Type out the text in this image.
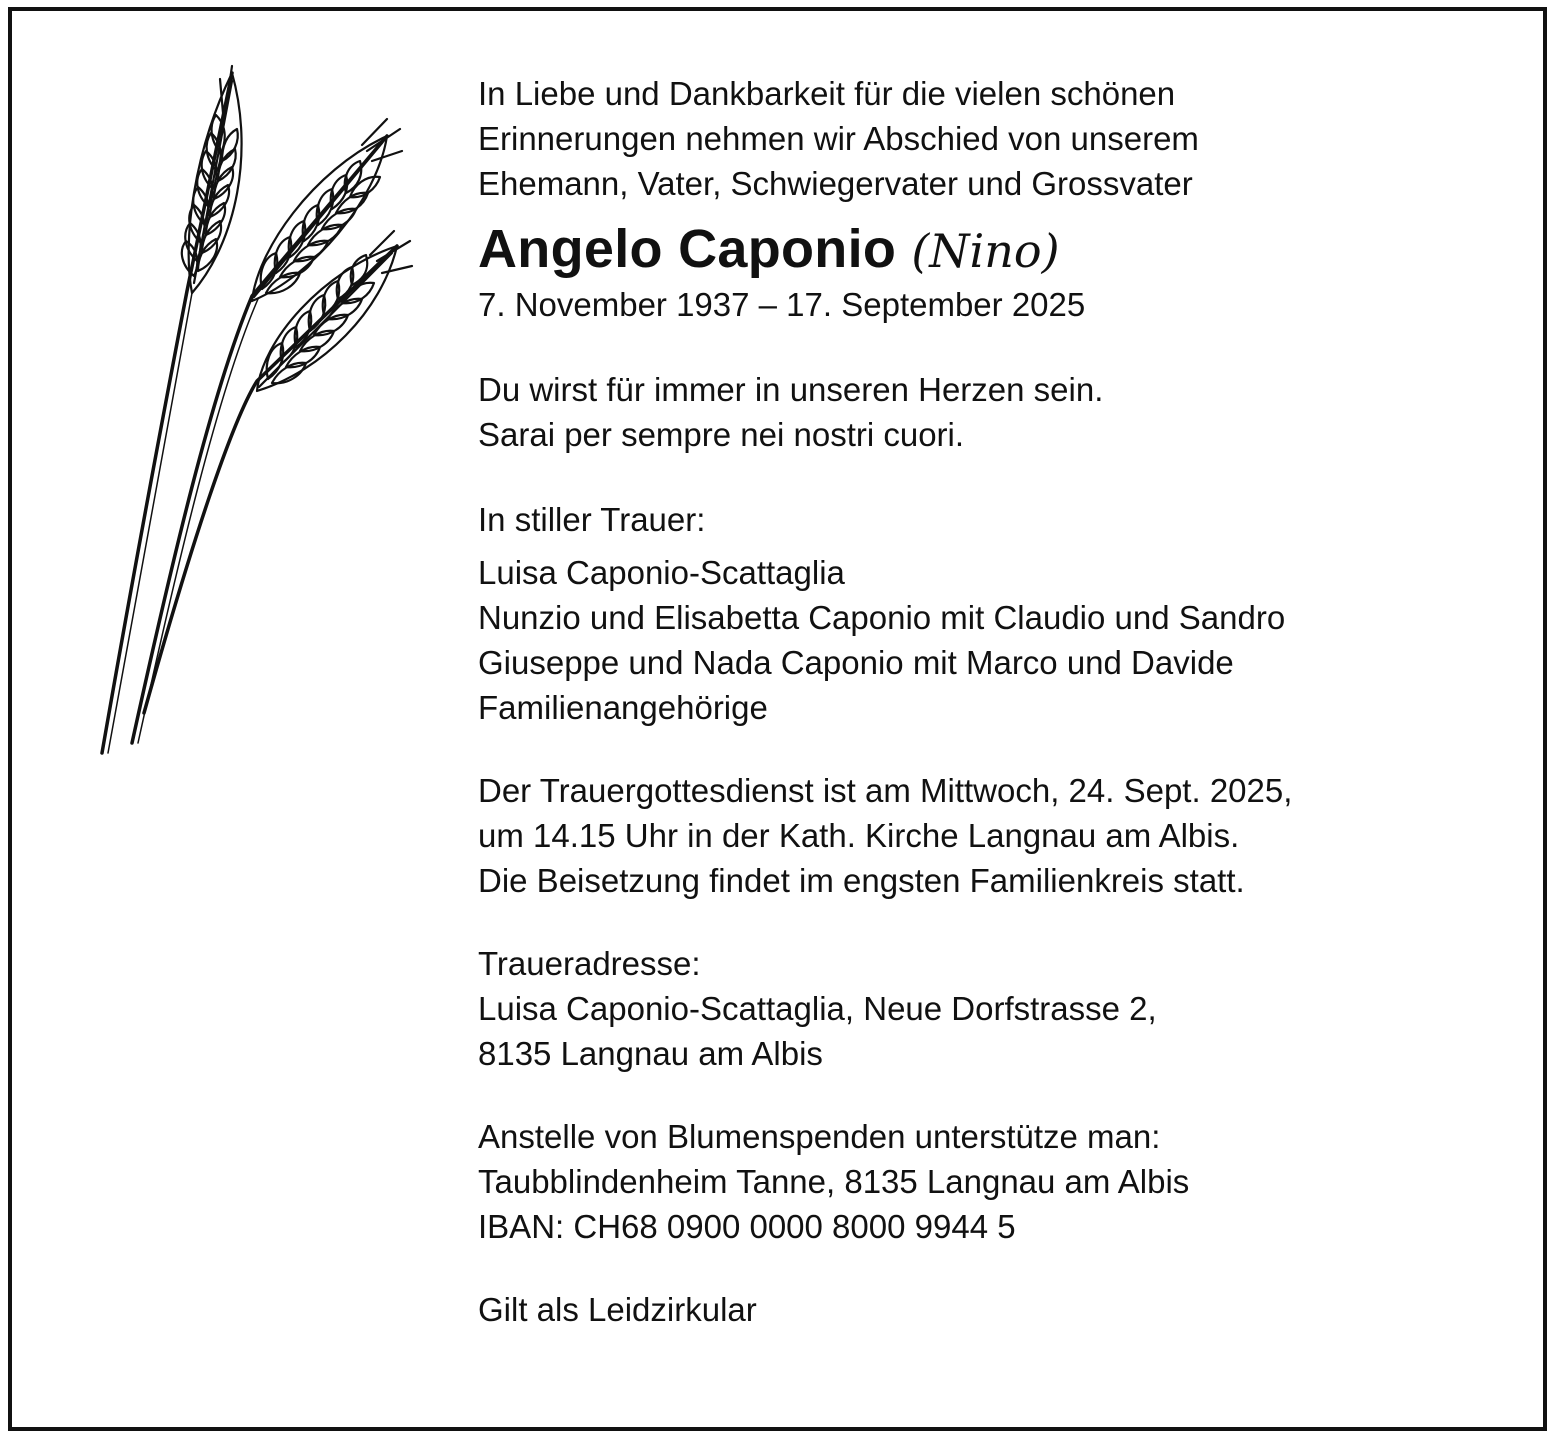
In Liebe und Dankbarkeit für die vielen schönen
Erinnerungen nehmen wir Abschied von unserem
Ehemann, Vater, Schwiegervater und Grossvater
Angelo Caponio (Nino)
7. November 1937 – 17. September 2025
Du wirst für immer in unseren Herzen sein.
Sarai per sempre nei nostri cuori.
In stiller Trauer:
Luisa Caponio-Scattaglia
Nunzio und Elisabetta Caponio mit Claudio und Sandro
Giuseppe und Nada Caponio mit Marco und Davide
Familienangehörige
Der Trauergottesdienst ist am Mittwoch, 24. Sept. 2025,
um 14.15 Uhr in der Kath. Kirche Langnau am Albis.
Die Beisetzung findet im engsten Familienkreis statt.
Traueradresse:
Luisa Caponio-Scattaglia, Neue Dorfstrasse 2,
8135 Langnau am Albis
Anstelle von Blumenspenden unterstütze man:
Taubblindenheim Tanne, 8135 Langnau am Albis
IBAN: CH68 0900 0000 8000 9944 5
Gilt als Leidzirkular
